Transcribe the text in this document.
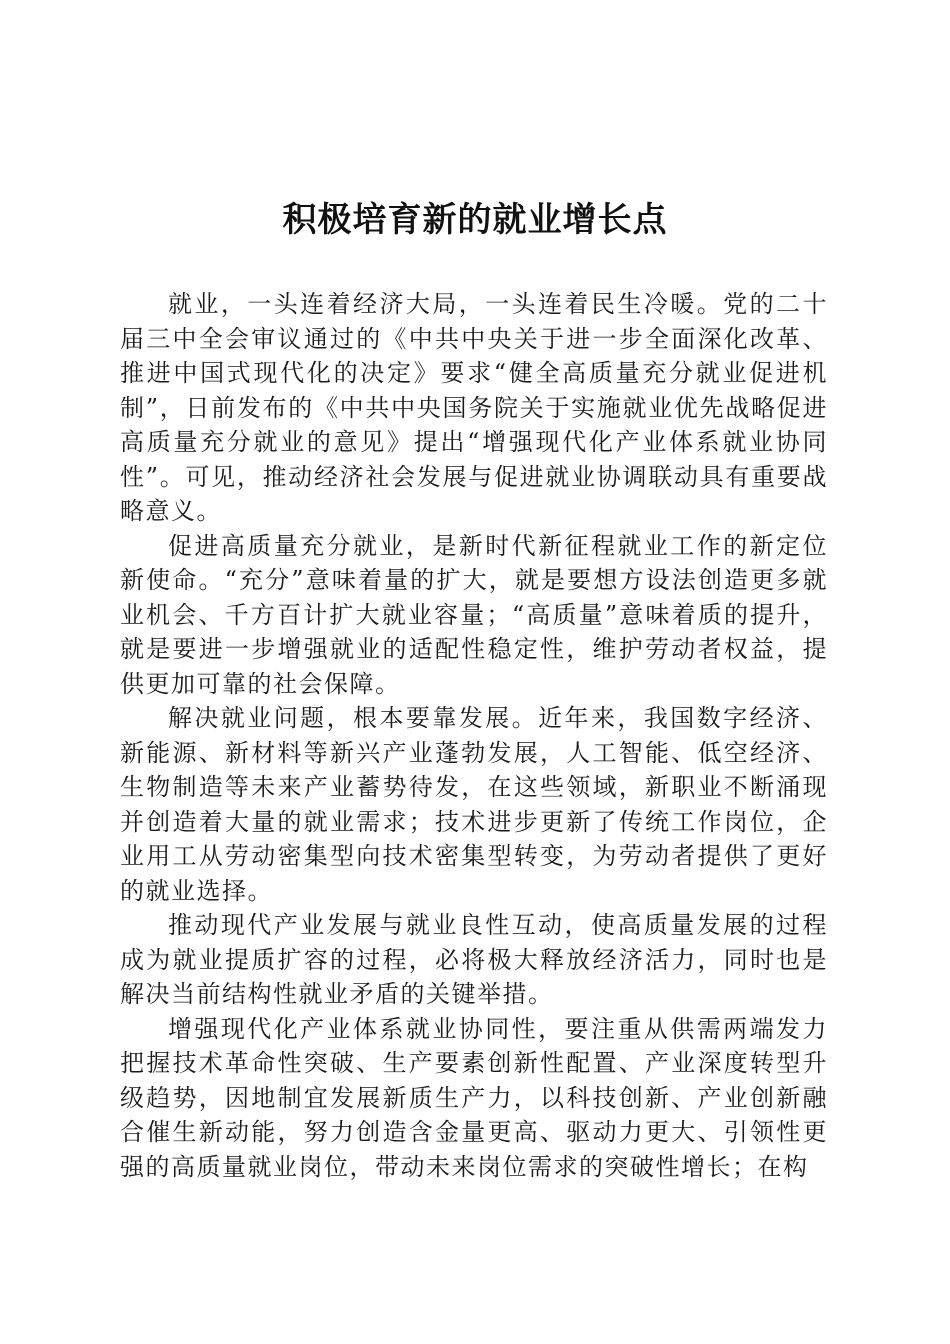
积极培育新的就业增长点

就业，一头连着经济大局，一头连着民生冷暖。党的二十届三中全会审议通过的《中共中央关于进一步全面深化改革、推进中国式现代化的决定》要求“健全高质量充分就业促进机制”，日前发布的《中共中央国务院关于实施就业优先战略促进高质量充分就业的意见》提出“增强现代化产业体系就业协同性”。可见，推动经济社会发展与促进就业协调联动具有重要战略意义。

促进高质量充分就业，是新时代新征程就业工作的新定位新使命。“充分”意味着量的扩大，就是要想方设法创造更多就业机会、千方百计扩大就业容量；“高质量”意味着质的提升，就是要进一步增强就业的适配性稳定性，维护劳动者权益，提供更加可靠的社会保障。

解决就业问题，根本要靠发展。近年来，我国数字经济、新能源、新材料等新兴产业蓬勃发展，人工智能、低空经济、生物制造等未来产业蓄势待发，在这些领域，新职业不断涌现并创造着大量的就业需求；技术进步更新了传统工作岗位，企业用工从劳动密集型向技术密集型转变，为劳动者提供了更好的就业选择。

推动现代产业发展与就业良性互动，使高质量发展的过程成为就业提质扩容的过程，必将极大释放经济活力，同时也是解决当前结构性就业矛盾的关键举措。

增强现代化产业体系就业协同性，要注重从供需两端发力把握技术革命性突破、生产要素创新性配置、产业深度转型升级趋势，因地制宜发展新质生产力，以科技创新、产业创新融合催生新动能，努力创造含金量更高、驱动力更大、引领性更强的高质量就业岗位，带动未来岗位需求的突破性增长；在构
